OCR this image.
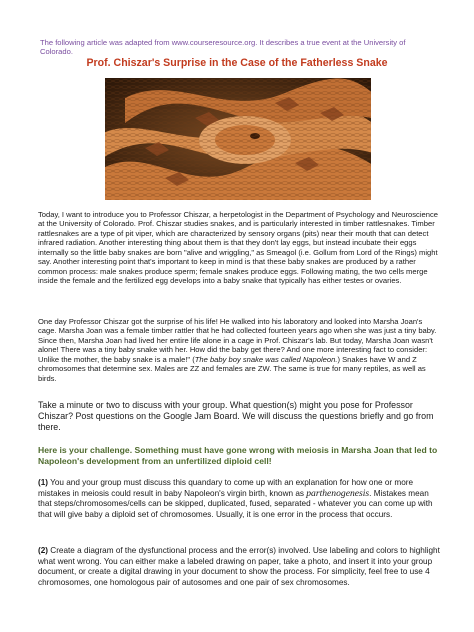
The following article was adapted from www.courseresource.org. It describes a true event at the University of Colorado.
Prof. Chiszar's Surprise in the Case of the Fatherless Snake
Today, I want to introduce you to Professor Chiszar, a herpetologist in the Department of Psychology and Neuroscience at the University of Colorado. Prof. Chiszar studies snakes, and is particularly interested in timber rattlesnakes. Timber rattlesnakes are a type of pit viper, which are characterized by sensory organs (pits) near their mouth that can detect infrared radiation. Another interesting thing about them is that they don't lay eggs, but instead incubate their eggs internally so the little baby snakes are born "alive and wriggling," as Smeagol (i.e. Gollum from Lord of the Rings) might say. Another interesting point that's important to keep in mind is that these baby snakes are produced by a rather common process: male snakes produce sperm; female snakes produce eggs. Following mating, the two cells merge inside the female and the fertilized egg develops into a baby snake that typically has either testes or ovaries.
One day Professor Chiszar got the surprise of his life! He walked into his laboratory and looked into Marsha Joan's cage. Marsha Joan was a female timber rattler that he had collected fourteen years ago when she was just a tiny baby. Since then, Marsha Joan had lived her entire life alone in a cage in Prof. Chiszar's lab. But today, Marsha Joan wasn't alone! There was a tiny baby snake with her. How did the baby get there? And one more interesting fact to consider: Unlike the mother, the baby snake is a male!" (The baby boy snake was called Napoleon.) Snakes have W and Z chromosomes that determine sex. Males are ZZ and females are ZW. The same is true for many reptiles, as well as birds.
Take a minute or two to discuss with your group. What question(s) might you pose for Professor Chiszar? Post questions on the Google Jam Board. We will discuss the questions briefly and go from there.
Here is your challenge. Something must have gone wrong with meiosis in Marsha Joan that led to Napoleon's development from an unfertilized diploid cell!
(1) You and your group must discuss this quandary to come up with an explanation for how one or more mistakes in meiosis could result in baby Napoleon's virgin birth, known as parthenogenesis. Mistakes mean that steps/chromosomes/cells can be skipped, duplicated, fused, separated - whatever you can come up with that will give baby a diploid set of chromosomes. Usually, it is one error in the process that occurs.
(2) Create a diagram of the dysfunctional process and the error(s) involved. Use labeling and colors to highlight what went wrong. You can either make a labeled drawing on paper, take a photo, and insert it into your group document, or create a digital drawing in your document to show the process. For simplicity, feel free to use 4 chromosomes, one homologous pair of autosomes and one pair of sex chromosomes.
